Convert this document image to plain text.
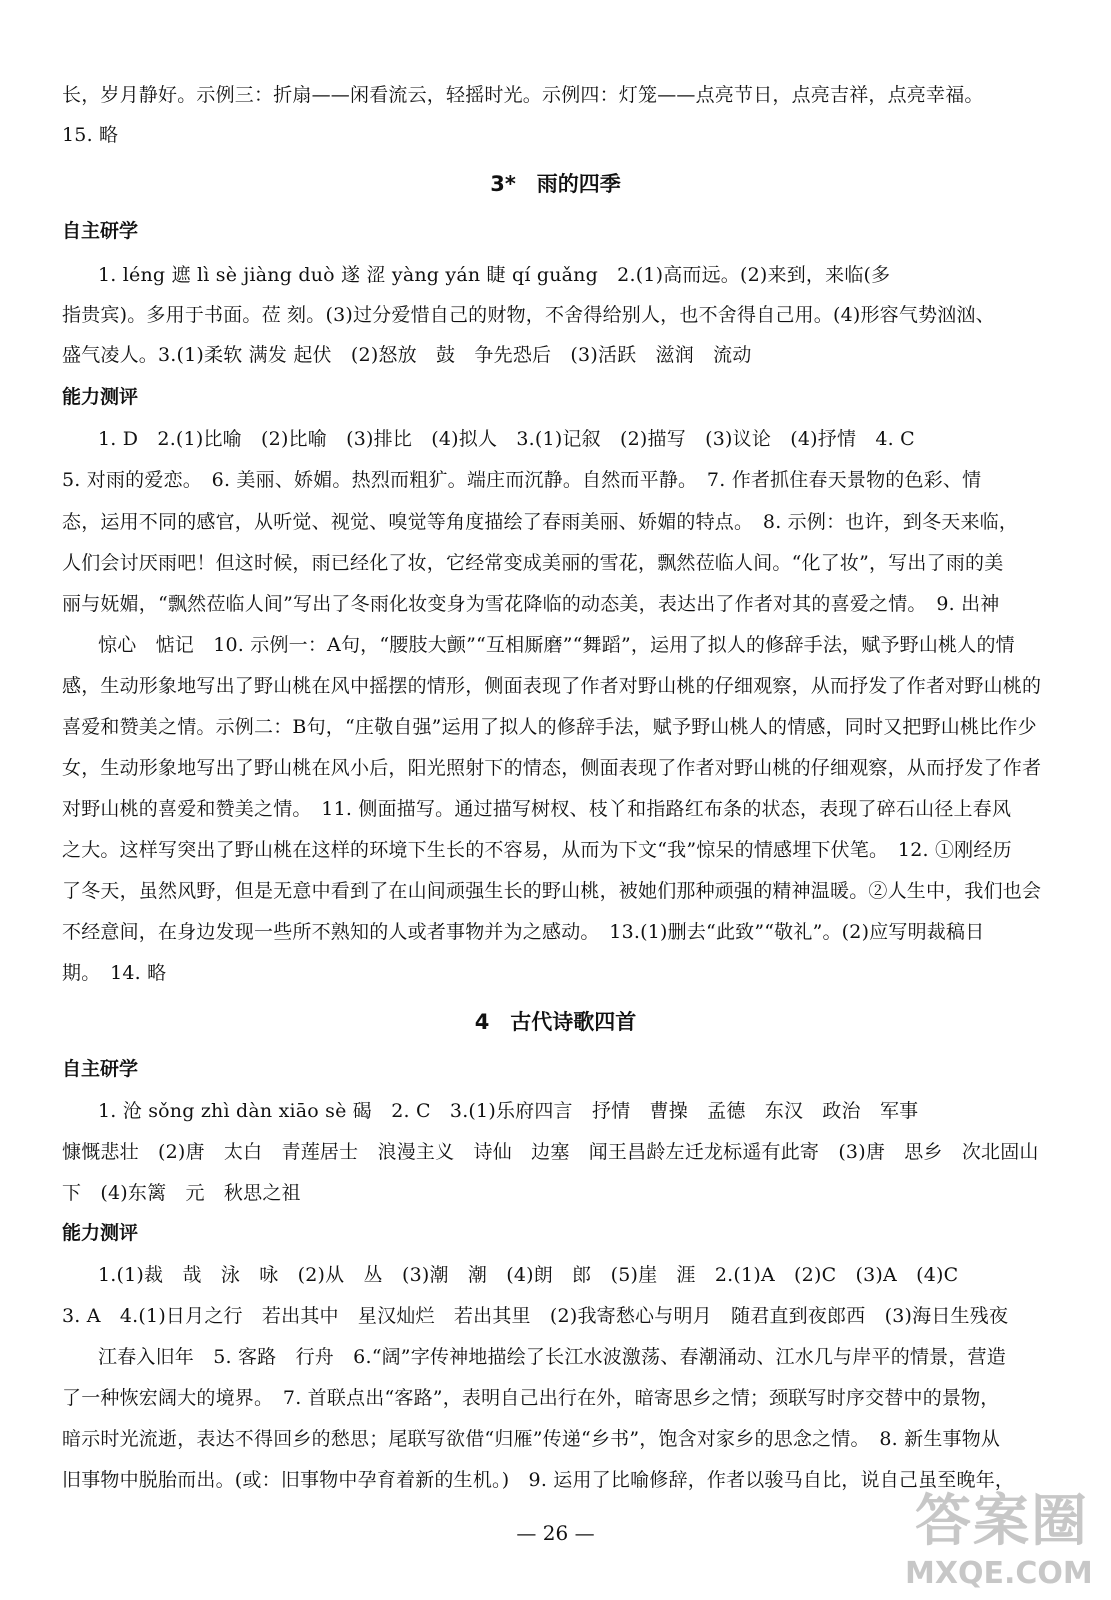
长，岁月静好。示例三：折扇——闲看流云，轻摇时光。示例四：灯笼——点亮节日，点亮吉祥，点亮幸福。
15. 略
3*　雨的四季
自主研学
1. léng 遮 lì sè jiàng duò 遂 涩 yàng yán 睫 qí guǎng　2.(1)高而远。(2)来到，来临(多
指贵宾)。多用于书面。莅 刻。(3)过分爱惜自己的财物，不舍得给别人，也不舍得自己用。(4)形容气势汹汹、
盛气凌人。3.(1)柔软 满发 起伏　(2)怒放　鼓　争先恐后　(3)活跃　滋润　流动
能力测评
1. D　2.(1)比喻　(2)比喻　(3)排比　(4)拟人　3.(1)记叙　(2)描写　(3)议论　(4)抒情　4. C
5. 对雨的爱恋。　6. 美丽、娇媚。热烈而粗犷。端庄而沉静。自然而平静。　7. 作者抓住春天景物的色彩、情
态，运用不同的感官，从听觉、视觉、嗅觉等角度描绘了春雨美丽、娇媚的特点。　8. 示例：也许，到冬天来临，
人们会讨厌雨吧！但这时候，雨已经化了妆，它经常变成美丽的雪花，飘然莅临人间。“化了妆”，写出了雨的美
丽与妩媚，“飘然莅临人间”写出了冬雨化妆变身为雪花降临的动态美，表达出了作者对其的喜爱之情。　9. 出神
惊心　惦记　10. 示例一：A句，“腰肢大颤”“互相厮磨”“舞蹈”，运用了拟人的修辞手法，赋予野山桃人的情
感，生动形象地写出了野山桃在风中摇摆的情形，侧面表现了作者对野山桃的仔细观察，从而抒发了作者对野山桃的
喜爱和赞美之情。示例二：B句，“庄敬自强”运用了拟人的修辞手法，赋予野山桃人的情感，同时又把野山桃比作少
女，生动形象地写出了野山桃在风小后，阳光照射下的情态，侧面表现了作者对野山桃的仔细观察，从而抒发了作者
对野山桃的喜爱和赞美之情。　11. 侧面描写。通过描写树杈、枝丫和指路红布条的状态，表现了碎石山径上春风
之大。这样写突出了野山桃在这样的环境下生长的不容易，从而为下文“我”惊呆的情感埋下伏笔。　12. ①刚经历
了冬天，虽然风野，但是无意中看到了在山间顽强生长的野山桃，被她们那种顽强的精神温暖。②人生中，我们也会
不经意间，在身边发现一些所不熟知的人或者事物并为之感动。　13.(1)删去“此致”“敬礼”。(2)应写明裁稿日
期。　14. 略
4　古代诗歌四首
自主研学
1. 沧 sǒng zhì dàn xiāo sè 碣　2. C　3.(1)乐府四言　抒情　曹操　孟德　东汉　政治　军事
慷慨悲壮　(2)唐　太白　青莲居士　浪漫主义　诗仙　边塞　闻王昌龄左迁龙标遥有此寄　(3)唐　思乡　次北固山
下　(4)东篱　元　秋思之祖
能力测评
1.(1)裁　哉　泳　咏　(2)从　丛　(3)潮　潮　(4)朗　郎　(5)崖　涯　2.(1)A　(2)C　(3)A　(4)C
3. A　4.(1)日月之行　若出其中　星汉灿烂　若出其里　(2)我寄愁心与明月　随君直到夜郎西　(3)海日生残夜
江春入旧年　5. 客路　行舟　6.“阔”字传神地描绘了长江水波激荡、春潮涌动、江水几与岸平的情景，营造
了一种恢宏阔大的境界。　7. 首联点出“客路”，表明自己出行在外，暗寄思乡之情；颈联写时序交替中的景物，
暗示时光流逝，表达不得回乡的愁思；尾联写欲借“归雁”传递“乡书”，饱含对家乡的思念之情。　8. 新生事物从
旧事物中脱胎而出。(或：旧事物中孕育着新的生机。)　9. 运用了比喻修辞，作者以骏马自比，说自己虽至晚年，
— 26 —	答案圈
MXQE.COM
